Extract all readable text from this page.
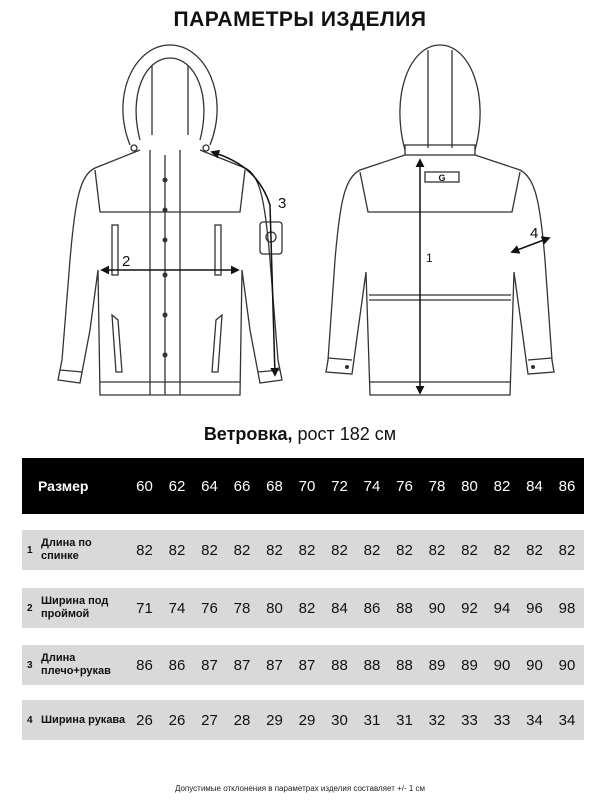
ПАРАМЕТРЫ ИЗДЕЛИЯ
2
3
G
1
4
Ветровка, рост 182 см
Размер	60	62	64	66	68	70	72	74	76	78	80	82	84	86
1
Длина по спинке	82	82	82	82	82	82	82	82	82	82	82	82	82	82
2
Ширина под проймой	71	74	76	78	80	82	84	86	88	90	92	94	96	98
3
Длина плечо+рукав	86	86	87	87	87	87	88	88	88	89	89	90	90	90
4 Ширина рукава 26	26	27	28	29	29	30	31	31	32	33	33	34	34
Допустимые отклонения в параметрах изделия составляет +/- 1 см
